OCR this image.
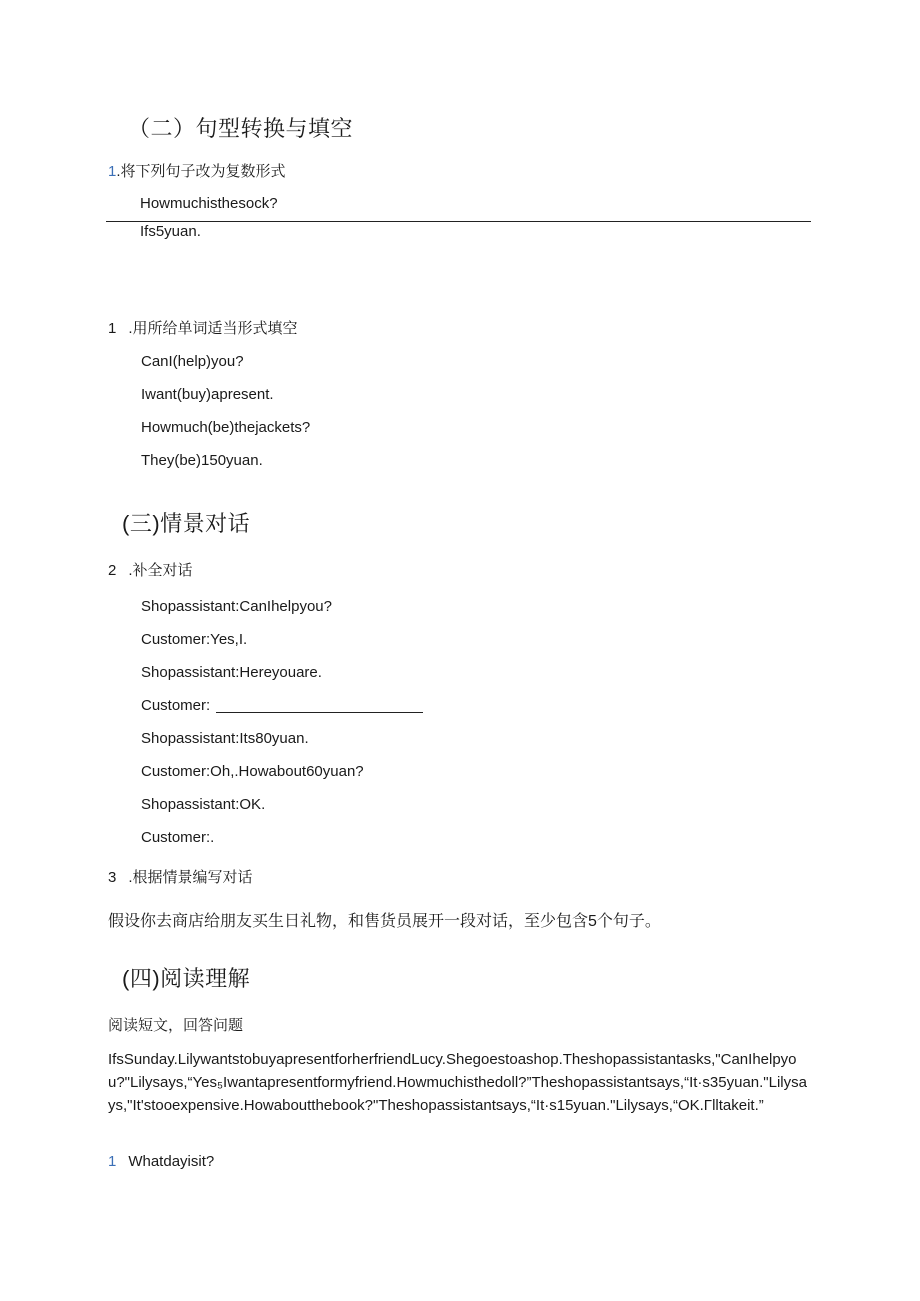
（二）句型转换与填空
1.将下列句子改为复数形式
Howmuchisthesock?
Ifs5yuan.
1 .用所给单词适当形式填空
CanI(help)you?
Iwant(buy)apresent.
Howmuch(be)thejackets?
They(be)150yuan.
(三)情景对话
2 .补全对话
Shopassistant:CanIhelpyou?
Customer:Yes,I.
Shopassistant:Hereyouare.
Customer:
Shopassistant:Its80yuan.
Customer:Oh,.Howabout60yuan?
Shopassistant:OK.
Customer:.
3 .根据情景编写对话
假设你去商店给朋友买生日礼物，和售货员展开一段对话，至少包含5个句子。
(四)阅读理解
阅读短文，回答问题
IfsSunday.LilywantstobuyapresentforherfriendLucy.Shegoestoashop.Theshopassistantasks,"CanIhelpyou?"Lilysays,“Yes₅Iwantapresentformyfriend.Howmuchisthedoll?”Theshopassistantsays,“It·s35yuan."Lilysays,"It'stooexpensive.Howaboutthebook?"Theshopassistantsays,“It·s15yuan."Lilysays,“OK.Γlltakeit.”
1 Whatdayisit?
